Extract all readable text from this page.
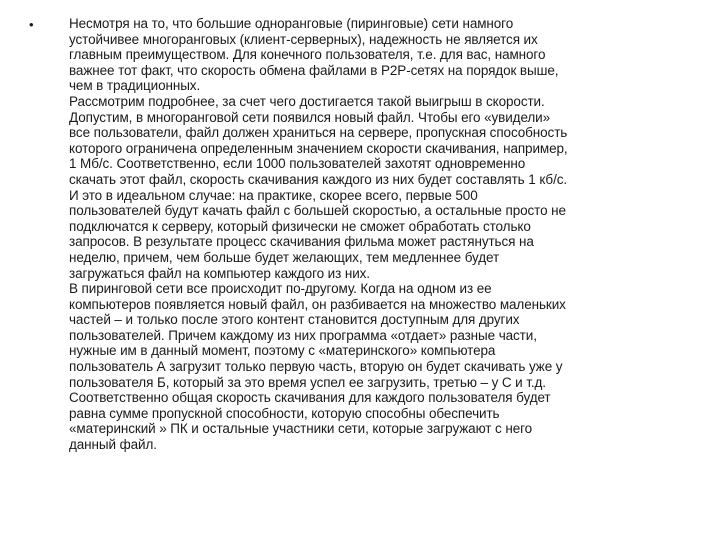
•	Несмотря на то, что большие одноранговые (пиринговые) сети намного
устойчивее многоранговых (клиент-серверных), надежность не является их
главным преимуществом. Для конечного пользователя, т.е. для вас, намного
важнее тот факт, что скорость обмена файлами в P2P-сетях на порядок выше,
чем в традиционных.
Рассмотрим подробнее, за счет чего достигается такой выигрыш в скорости.
Допустим, в многоранговой сети появился новый файл. Чтобы его «увидели»
все пользователи, файл должен храниться на сервере, пропускная способность
которого ограничена определенным значением скорости скачивания, например,
1 Мб/с. Соответственно, если 1000 пользователей захотят одновременно
скачать этот файл, скорость скачивания каждого из них будет составлять 1 кб/с.
И это в идеальном случае: на практике, скорее всего, первые 500
пользователей будут качать файл с большей скоростью, а остальные просто не
подключатся к серверу, который физически не сможет обработать столько
запросов. В результате процесс скачивания фильма может растянуться на
неделю, причем, чем больше будет желающих, тем медленнее будет
загружаться файл на компьютер каждого из них.
В пиринговой сети все происходит по-другому. Когда на одном из ее
компьютеров появляется новый файл, он разбивается на множество маленьких
частей – и только после этого контент становится доступным для других
пользователей. Причем каждому из них программа «отдает» разные части,
нужные им в данный момент, поэтому с «материнского» компьютера
пользователь А загрузит только первую часть, вторую он будет скачивать уже у
пользователя Б, который за это время успел ее загрузить, третью – у С и т.д.
Соответственно общая скорость скачивания для каждого пользователя будет
равна сумме пропускной способности, которую способны обеспечить
«материнский » ПК и остальные участники сети, которые загружают с него
данный файл.
